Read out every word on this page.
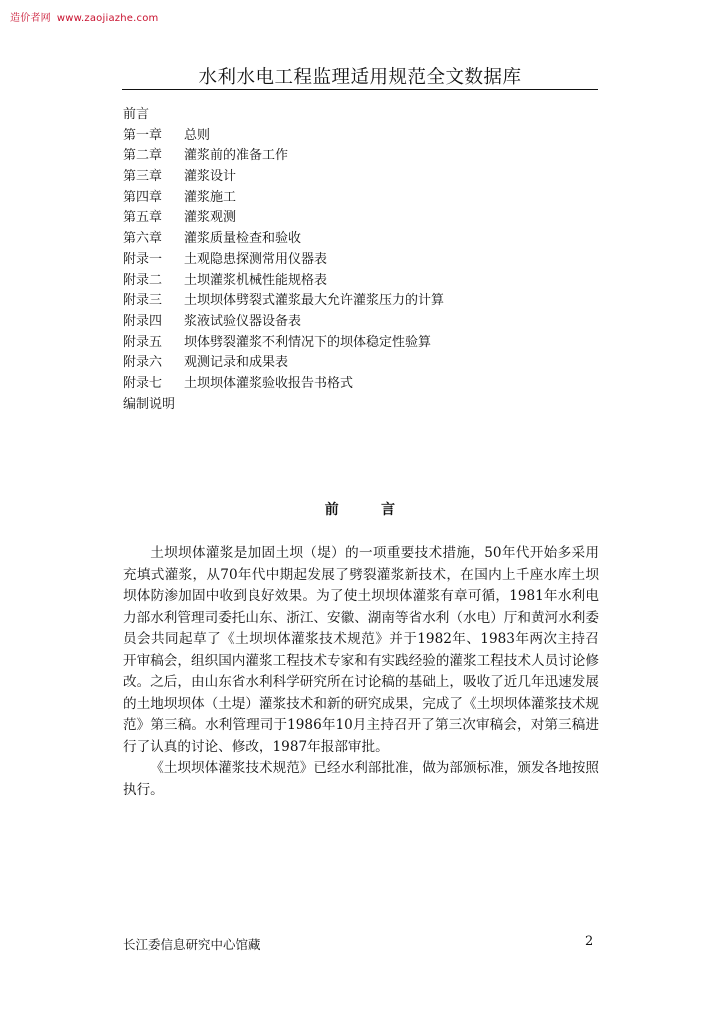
造价者网 www.zaojiazhe.com
水利水电工程监理适用规范全文数据库
前言
第一章 总则
第二章 灌浆前的准备工作
第三章 灌浆设计
第四章 灌浆施工
第五章 灌浆观测
第六章 灌浆质量检查和验收
附录一 土观隐患探测常用仪器表
附录二 土坝灌浆机械性能规格表
附录三 土坝坝体劈裂式灌浆最大允许灌浆压力的计算
附录四 浆液试验仪器设备表
附录五 坝体劈裂灌浆不利情况下的坝体稳定性验算
附录六 观测记录和成果表
附录七 土坝坝体灌浆验收报告书格式
编制说明
前	言

土坝坝体灌浆是加固土坝（堤）的一项重要技术措施，50年代开始多采用充填式灌浆，从70年代中期起发展了劈裂灌浆新技术，在国内上千座水库土坝坝体防渗加固中收到良好效果。为了使土坝坝体灌浆有章可循，1981年水利电力部水利管理司委托山东、浙江、安徽、湖南等省水利（水电）厅和黄河水利委员会共同起草了《土坝坝体灌浆技术规范》并于1982年、1983年两次主持召开审稿会，组织国内灌浆工程技术专家和有实践经验的灌浆工程技术人员讨论修改。之后，由山东省水利科学研究所在讨论稿的基础上，吸收了近几年迅速发展的土地坝坝体（土堤）灌浆技术和新的研究成果，完成了《土坝坝体灌浆技术规范》第三稿。水利管理司于1986年10月主持召开了第三次审稿会，对第三稿进行了认真的讨论、修改，1987年报部审批。

《土坝坝体灌浆技术规范》已经水利部批准，做为部颁标准，颁发各地按照执行。

长江委信息研究中心馆藏	2
